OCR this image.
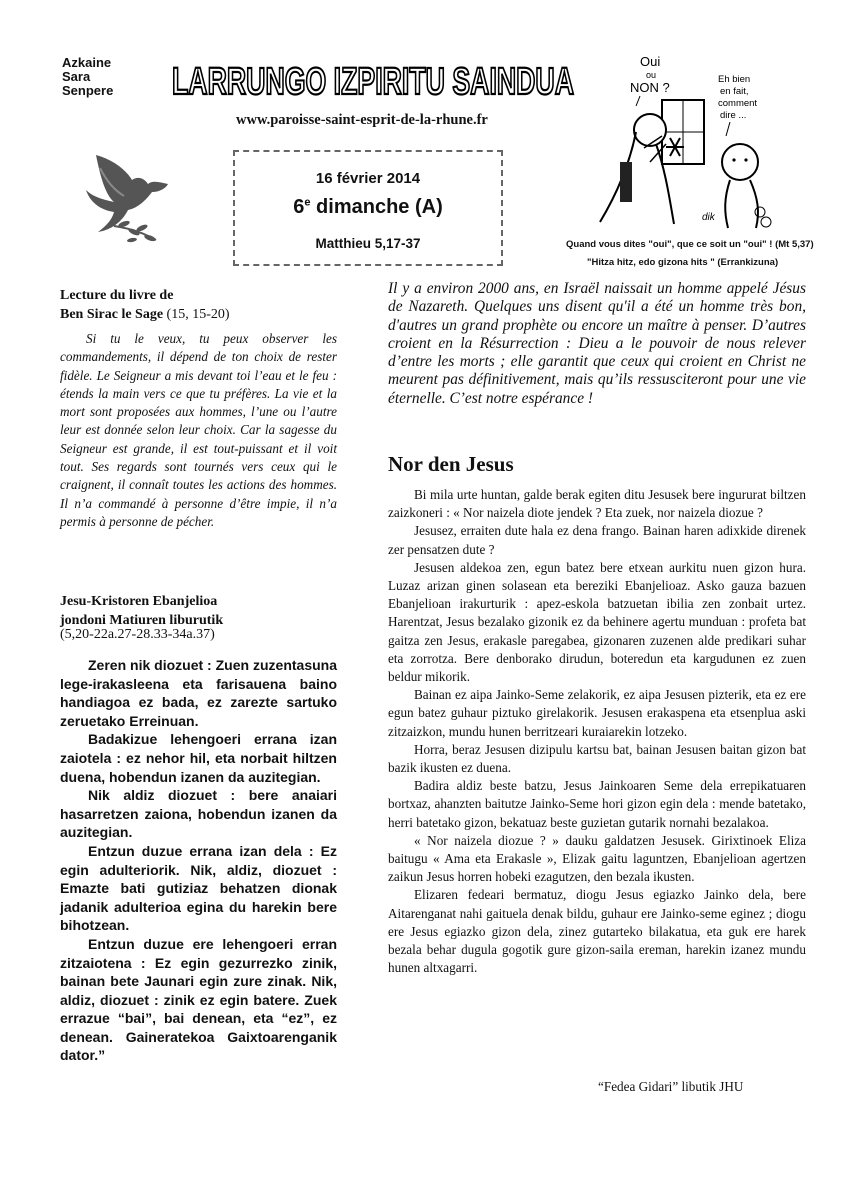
Azkaine
Sara
Senpere LARRUNGO IZPIRITU SAINDUA
www.paroisse-saint-esprit-de-la-rhune.fr
16 février 2014
6e dimanche (A)
Matthieu 5,17-37
Oui
ou
NON ?
Eh bien
en fait,
comment
dire ...
dik
Quand vous dites "oui", que ce soit un "oui" ! (Mt 5,37)
"Hitza hitz, edo gizona hits " (Errankizuna)
Lecture du livre de
Ben Sirac le Sage (15, 15-20)

Si tu le veux, tu peux observer les commandements, il dépend de ton choix de rester fidèle. Le Seigneur a mis devant toi l’eau et le feu : étends la main vers ce que tu préfères. La vie et la mort sont proposées aux hommes, l’une ou l’autre leur est donnée selon leur choix. Car la sagesse du Seigneur est grande, il est tout-puissant et il voit tout. Ses regards sont tournés vers ceux qui le craignent, il connaît toutes les actions des hommes. Il n’a commandé à personne d’être impie, il n’a permis à personne de pécher.

Jesu-Kristoren Ebanjelioa
jondoni Matiuren liburutik
(5,20-22a.27-28.33-34a.37)

Zeren nik diozuet : Zuen zuzentasuna lege-irakasleena eta farisauena baino handiagoa ez bada, ez zarezte sartuko zeruetako Erreinuan.

Badakizue lehengoeri errana izan zaiotela : ez nehor hil, eta norbait hiltzen duena, hobendun izanen da auzitegian.

Nik aldiz diozuet : bere anaiari hasarretzen zaiona, hobendun izanen da auzitegian.

Entzun duzue errana izan dela : Ez egin adulteriorik. Nik, aldiz, diozuet : Emazte bati gutiziaz behatzen dionak jadanik adulterioa egina du harekin bere bihotzean.

Entzun duzue ere lehengoeri erran zitzaiotena : Ez egin gezurrezko zinik, bainan bete Jaunari egin zure zinak. Nik, aldiz, diozuet : zinik ez egin batere. Zuek errazue “bai”, bai denean, eta “ez”, ez denean. Gaineratekoa Gaixtoarenganik dator.”

Il y a environ 2000 ans, en Israël naissait un homme appelé Jésus de Nazareth. Quelques uns disent qu'il a été un homme très bon, d'autres un grand prophète ou encore un maître à penser. D’autres croient en la Résurrection : Dieu a le pouvoir de nous relever d’entre les morts ; elle garantit que ceux qui croient en Christ ne meurent pas définitivement, mais qu’ils ressusciteront pour une vie éternelle. C’est notre espérance !

Nor den Jesus

Bi mila urte huntan, galde berak egiten ditu Jesusek bere ingururat biltzen zaizkoneri : « Nor naizela diote jendek ? Eta zuek, nor naizela diozue ?

Jesusez, erraiten dute hala ez dena frango. Bainan haren adixkide direnek zer pensatzen dute ?

Jesusen aldekoa zen, egun batez bere etxean aurkitu nuen gizon hura. Luzaz arizan ginen solasean eta bereziki Ebanjelioaz. Asko gauza bazuen Ebanjelioan irakurturik : apez-eskola batzuetan ibilia zen zonbait urtez. Harentzat, Jesus bezalako gizonik ez da behinere agertu munduan : profeta bat gaitza zen Jesus, erakasle paregabea, gizonaren zuzenen alde predikari suhar eta zorrotza. Bere denborako dirudun, boteredun eta kargudunen ez zuen beldur mikorik.

Bainan ez aipa Jainko-Seme zelakorik, ez aipa Jesusen pizterik, eta ez ere egun batez guhaur piztuko girelakorik. Jesusen erakaspena eta etsenplua aski zitzaizkon, mundu hunen berritzeari kuraiarekin lotzeko.

Horra, beraz Jesusen dizipulu kartsu bat, bainan Jesusen baitan gizon bat bazik ikusten ez duena.

Badira aldiz beste batzu, Jesus Jainkoaren Seme dela errepikatuaren bortxaz, ahanzten baitutze Jainko-Seme hori gizon egin dela : mende batetako, herri batetako gizon, bekatuaz beste guzietan gutarik nornahi bezalakoa.

« Nor naizela diozue ? » dauku galdatzen Jesusek. Girixtinoek Eliza baitugu « Ama eta Erakasle », Elizak gaitu laguntzen, Ebanjelioan agertzen zaikun Jesus horren hobeki ezagutzen, den bezala ikusten.

Elizaren fedeari bermatuz, diogu Jesus egiazko Jainko dela, bere Aitarenganat nahi gaituela denak bildu, guhaur ere Jainko-seme eginez ; diogu ere Jesus egiazko gizon dela, zinez gutarteko bilakatua, eta guk ere harek bezala behar dugula gogotik gure gizon-saila ereman, harekin izanez mundu hunen altxagarri.

“Fedea Gidari” libutik JHU
